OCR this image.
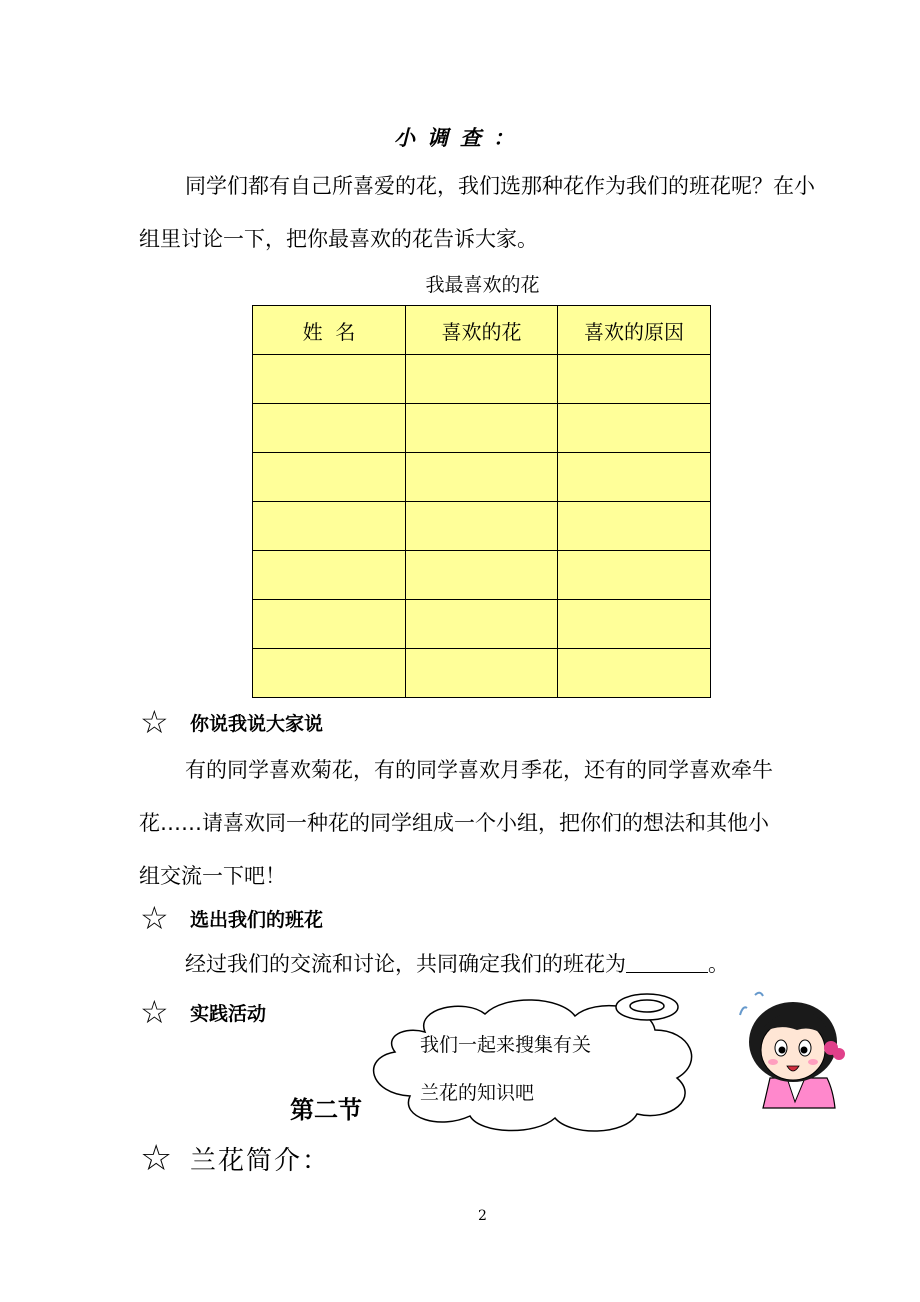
小调查：
同学们都有自己所喜爱的花，我们选那种花作为我们的班花呢？在小
组里讨论一下，把你最喜欢的花告诉大家。
我最喜欢的花
姓  名	喜欢的花	喜欢的原因

☆	你说我说大家说
有的同学喜欢菊花，有的同学喜欢月季花，还有的同学喜欢牵牛
花……请喜欢同一种花的同学组成一个小组，把你们的想法和其他小
组交流一下吧！
☆	选出我们的班花
经过我们的交流和讨论，共同确定我们的班花为	。
☆	实践活动
我们一起来搜集有关
兰花的知识吧
第二节
☆ 兰花简介：
2
